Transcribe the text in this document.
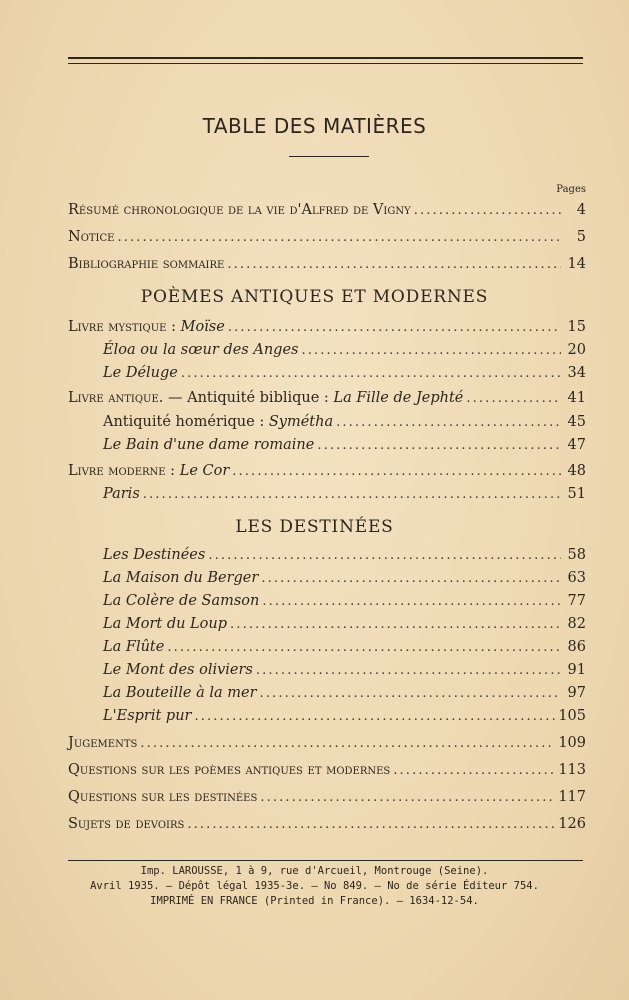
TABLE DES MATIÈRES
Pages
Résumé chronologique de la vie d'Alfred de Vigny . . .	4
Notice . . .	5
Bibliographie sommaire . . .	14
POÈMES ANTIQUES ET MODERNES
Livre mystique : Moïse . . .	15
Éloa ou la sœur des Anges . . .	20
Le Déluge . . .	34
Livre antique. — Antiquité biblique : La Fille de Jephté . . .	41
Antiquité homérique : Symétha . . .	45
Le Bain d'une dame romaine . . .	47
Livre moderne : Le Cor . . .	48
Paris . . .	51
LES DESTINÉES
Les Destinées . . .	58
La Maison du Berger . . .	63
La Colère de Samson . . .	77
La Mort du Loup . . .	82
La Flûte . . .	86
Le Mont des oliviers . . .	91
La Bouteille à la mer . . .	97
L'Esprit pur . . .	105
Jugements . . .	109
Questions sur les poèmes antiques et modernes . . .	113
Questions sur les destinées . . .	117
Sujets de devoirs . . .	126
Imp. LAROUSSE, 1 à 9, rue d'Arcueil, Montrouge (Seine).
Avril 1935. — Dépôt légal 1935-3e. — No 849. — No de série Éditeur 754.
IMPRIMÉ EN FRANCE (Printed in France). — 1634-12-54.
